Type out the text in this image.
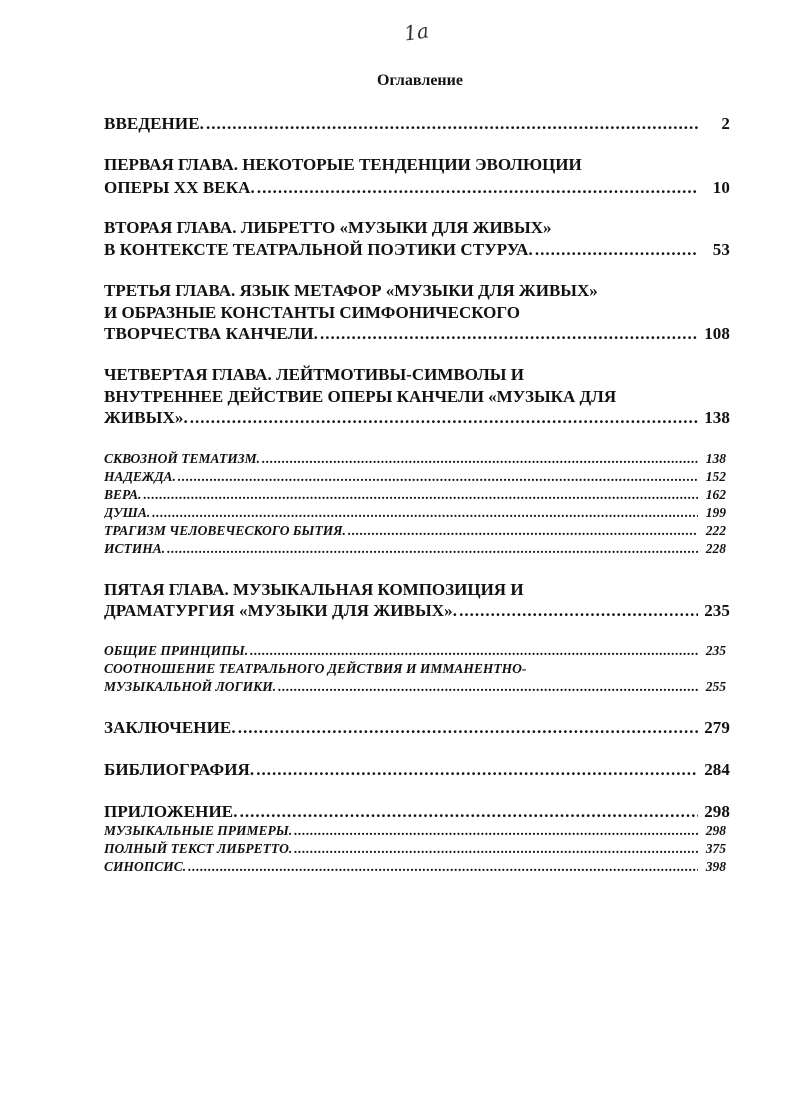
1а
Оглавление
ВВЕДЕНИЕ. .....	2
ПЕРВАЯ ГЛАВА. НЕКОТОРЫЕ ТЕНДЕНЦИИ ЭВОЛЮЦИИ
ОПЕРЫ XX ВЕКА. .....	10
ВТОРАЯ ГЛАВА. ЛИБРЕТТО «МУЗЫКИ ДЛЯ ЖИВЫХ»
В КОНТЕКСТЕ ТЕАТРАЛЬНОЙ ПОЭТИКИ СТУРУА. .....	53
ТРЕТЬЯ ГЛАВА. ЯЗЫК МЕТАФОР «МУЗЫКИ ДЛЯ ЖИВЫХ»
И ОБРАЗНЫЕ КОНСТАНТЫ СИМФОНИЧЕСКОГО
ТВОРЧЕСТВА КАНЧЕЛИ. .....	108
ЧЕТВЕРТАЯ ГЛАВА. ЛЕЙТМОТИВЫ-СИМВОЛЫ И
ВНУТРЕННЕЕ ДЕЙСТВИЕ ОПЕРЫ КАНЧЕЛИ «МУЗЫКА ДЛЯ
ЖИВЫХ». .....	138
СКВОЗНОЙ ТЕМАТИЗМ. .....	138
НАДЕЖДА. .....	152
ВЕРА. .....	162
ДУША. .....	199
ТРАГИЗМ ЧЕЛОВЕЧЕСКОГО БЫТИЯ. .....	222
ИСТИНА. .....	228
ПЯТАЯ ГЛАВА. МУЗЫКАЛЬНАЯ КОМПОЗИЦИЯ И
ДРАМАТУРГИЯ «МУЗЫКИ ДЛЯ ЖИВЫХ». .....	235
ОБЩИЕ ПРИНЦИПЫ. .....	235
СООТНОШЕНИЕ ТЕАТРАЛЬНОГО ДЕЙСТВИЯ И ИММАНЕНТНО-
МУЗЫКАЛЬНОЙ ЛОГИКИ. .....	255
ЗАКЛЮЧЕНИЕ. .....	279
БИБЛИОГРАФИЯ. .....	284
ПРИЛОЖЕНИЕ. .....	298
МУЗЫКАЛЬНЫЕ ПРИМЕРЫ. .....	298
ПОЛНЫЙ ТЕКСТ ЛИБРЕТТО. .....	375
СИНОПСИС. .....	398
